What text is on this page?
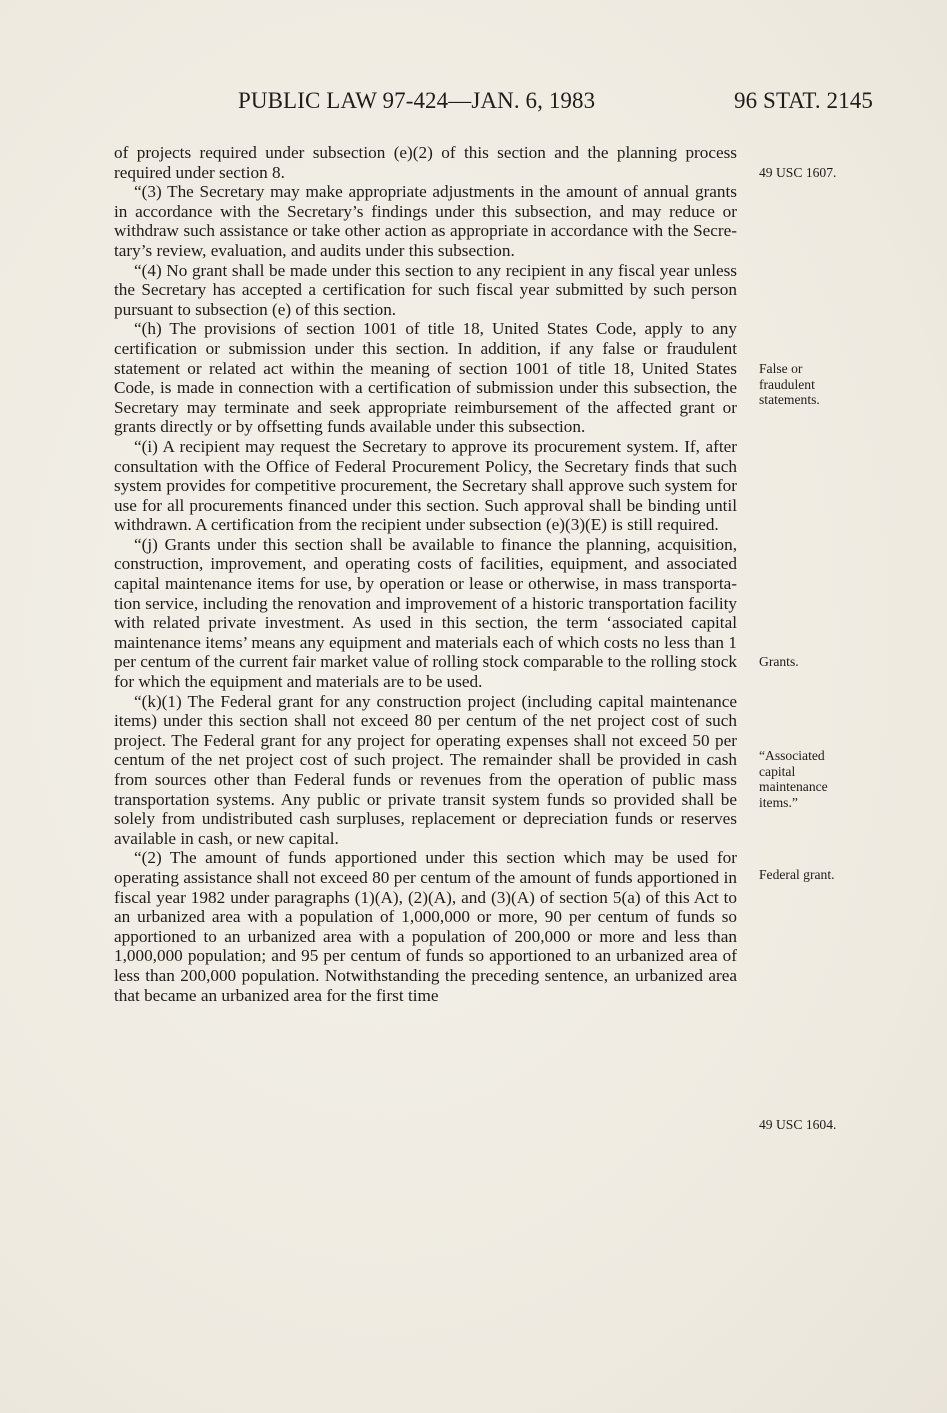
PUBLIC LAW 97-424—JAN. 6, 1983	96 STAT. 2145

of projects required under subsection (e)(2) of this section and the planning process required under section 8.

“(3) The Secretary may make appropriate adjustments in the amount of annual grants in accordance with the Secretary’s findings under this subsection, and may reduce or withdraw such assistance or take other action as appropriate in accordance with the Secretary’s review, evaluation, and audits under this subsection.

“(4) No grant shall be made under this section to any recipient in any fiscal year unless the Secretary has accepted a certification for such fiscal year submitted by such person pursuant to subsection (e) of this section.

“(h) The provisions of section 1001 of title 18, United States Code, apply to any certification or submission under this section. In addition, if any false or fraudulent statement or related act within the meaning of section 1001 of title 18, United States Code, is made in connection with a certification of submission under this subsection, the Secretary may terminate and seek appropriate reimbursement of the affected grant or grants directly or by offsetting funds available under this subsection.

“(i) A recipient may request the Secretary to approve its procurement system. If, after consultation with the Office of Federal Procurement Policy, the Secretary finds that such system provides for competitive procurement, the Secretary shall approve such system for use for all procurements financed under this section. Such approval shall be binding until withdrawn. A certification from the recipient under subsection (e)(3)(E) is still required.

“(j) Grants under this section shall be available to finance the planning, acquisition, construction, improvement, and operating costs of facilities, equipment, and associated capital maintenance items for use, by operation or lease or otherwise, in mass transportation service, including the renovation and improvement of a historic transportation facility with related private investment. As used in this section, the term ‘associated capital maintenance items’ means any equipment and materials each of which costs no less than 1 per centum of the current fair market value of rolling stock comparable to the rolling stock for which the equipment and materials are to be used.

“(k)(1) The Federal grant for any construction project (including capital maintenance items) under this section shall not exceed 80 per centum of the net project cost of such project. The Federal grant for any project for operating expenses shall not exceed 50 per centum of the net project cost of such project. The remainder shall be provided in cash from sources other than Federal funds or revenues from the operation of public mass transportation systems. Any public or private transit system funds so provided shall be solely from undistributed cash surpluses, replacement or depreciation funds or reserves available in cash, or new capital.

“(2) The amount of funds apportioned under this section which may be used for operating assistance shall not exceed 80 per centum of the amount of funds apportioned in fiscal year 1982 under paragraphs (1)(A), (2)(A), and (3)(A) of section 5(a) of this Act to an urbanized area with a population of 1,000,000 or more, 90 per centum of funds so apportioned to an urbanized area with a population of 200,000 or more and less than 1,000,000 population; and 95 per centum of funds so apportioned to an urbanized area of less than 200,000 population. Notwithstanding the preceding sentence, an urbanized area that became an urbanized area for the first time

49 USC 1607.
False or
fraudulent
statements.
Grants.
“Associated
capital
maintenance
items.”
Federal grant.
49 USC 1604.
